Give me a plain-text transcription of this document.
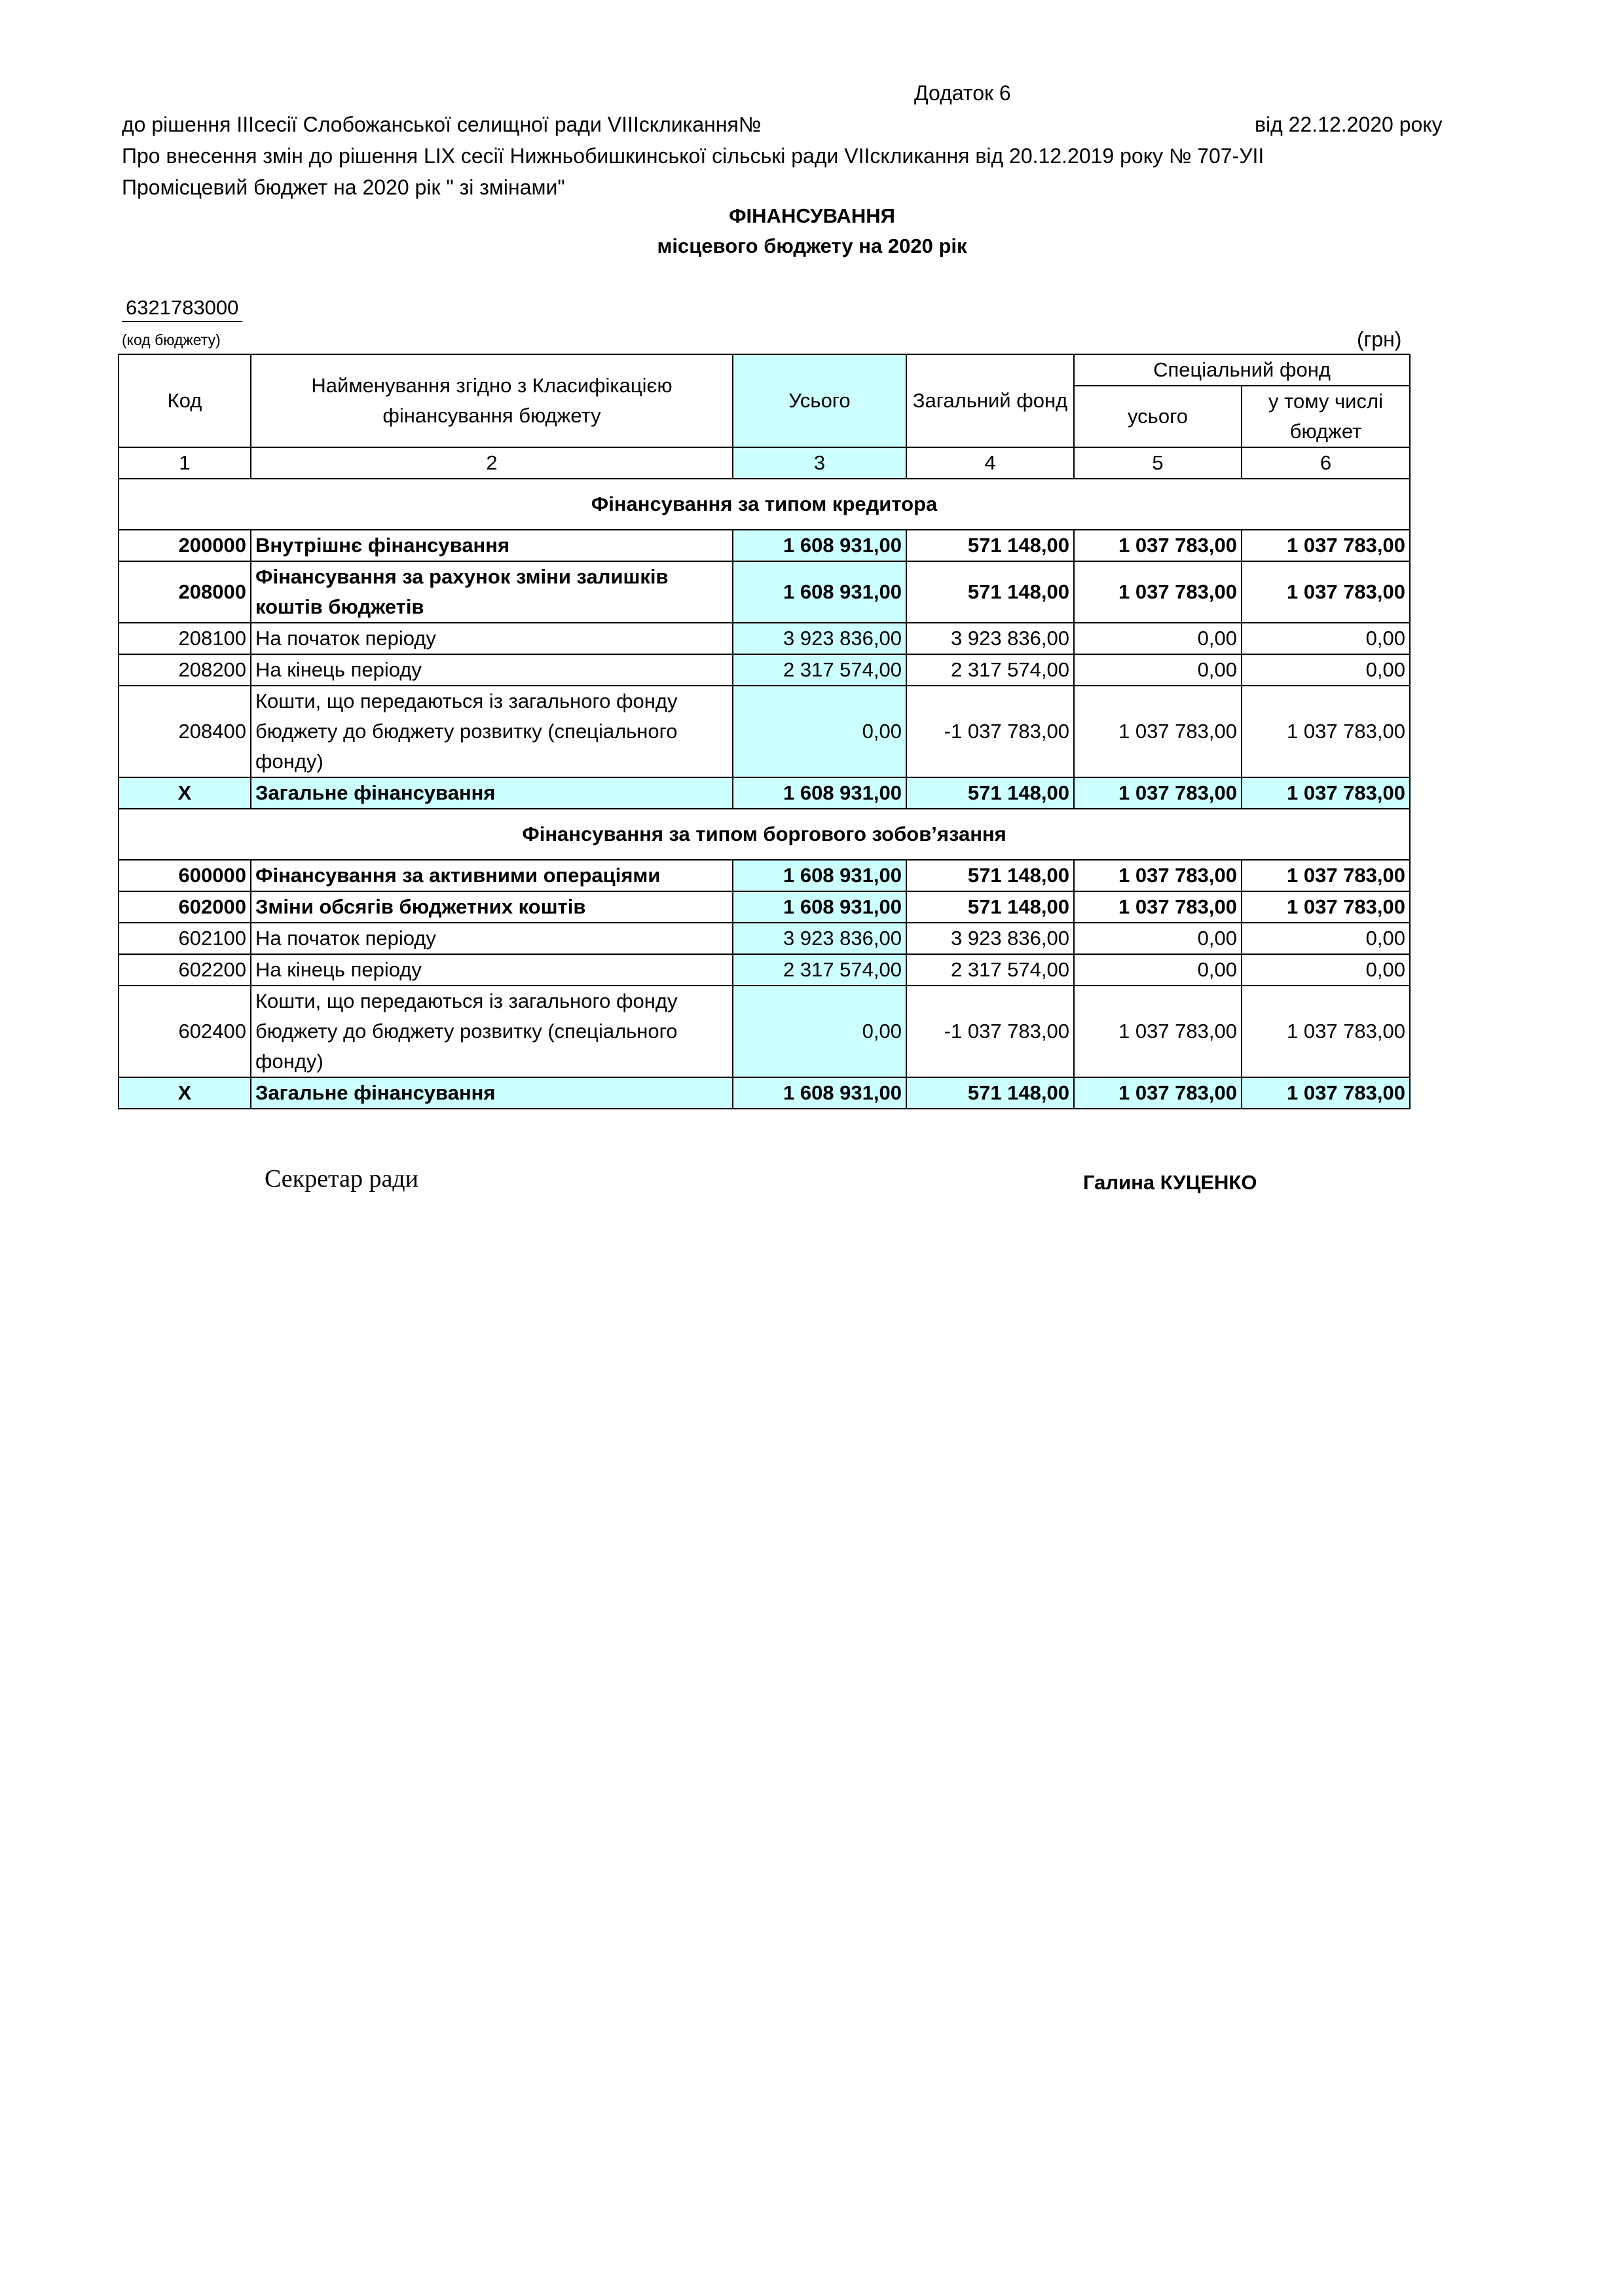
Додаток 6
до рішення IIIсесії Слобожанської селищної ради VIIIскликання№	від 22.12.2020 року
Про внесення змін до рішення LIX сесії Нижньобишкинської сільські ради VIIскликання від 20.12.2019 року № 707-УІІ
Промісцевий бюджет на 2020 рік " зі змінами"
ФІНАНСУВАННЯ
місцевого бюджету на 2020 рік
6321783000
(код бюджету)	(грн)
Код	Найменування згідно з Класифікацією фінансування бюджету	Усього	Загальний фонд	Спеціальний фонд	
				усього	у тому числі бюджет
1	2	3	4	5	6
Фінансування за типом кредитора					
200000	Внутрішнє фінансування	1 608 931,00	571 148,00	1 037 783,00	1 037 783,00
208000	Фінансування за рахунок зміни залишків коштів бюджетів	1 608 931,00	571 148,00	1 037 783,00	1 037 783,00
208100	На початок періоду	3 923 836,00	3 923 836,00	0,00	0,00
208200	На кінець періоду	2 317 574,00	2 317 574,00	0,00	0,00
208400	Кошти, що передаються із загального фонду бюджету до бюджету розвитку (спеціального фонду)	0,00	-1 037 783,00	1 037 783,00	1 037 783,00
Х	Загальне фінансування	1 608 931,00	571 148,00	1 037 783,00	1 037 783,00
Фінансування за типом боргового зобов’язання					
600000	Фінансування за активними операціями	1 608 931,00	571 148,00	1 037 783,00	1 037 783,00
602000	Зміни обсягів бюджетних коштів	1 608 931,00	571 148,00	1 037 783,00	1 037 783,00
602100	На початок періоду	3 923 836,00	3 923 836,00	0,00	0,00
602200	На кінець періоду	2 317 574,00	2 317 574,00	0,00	0,00
602400	Кошти, що передаються із загального фонду бюджету до бюджету розвитку (спеціального фонду)	0,00	-1 037 783,00	1 037 783,00	1 037 783,00
Х	Загальне фінансування	1 608 931,00	571 148,00	1 037 783,00	1 037 783,00
Секретар ради	Галина КУЦЕНКО
